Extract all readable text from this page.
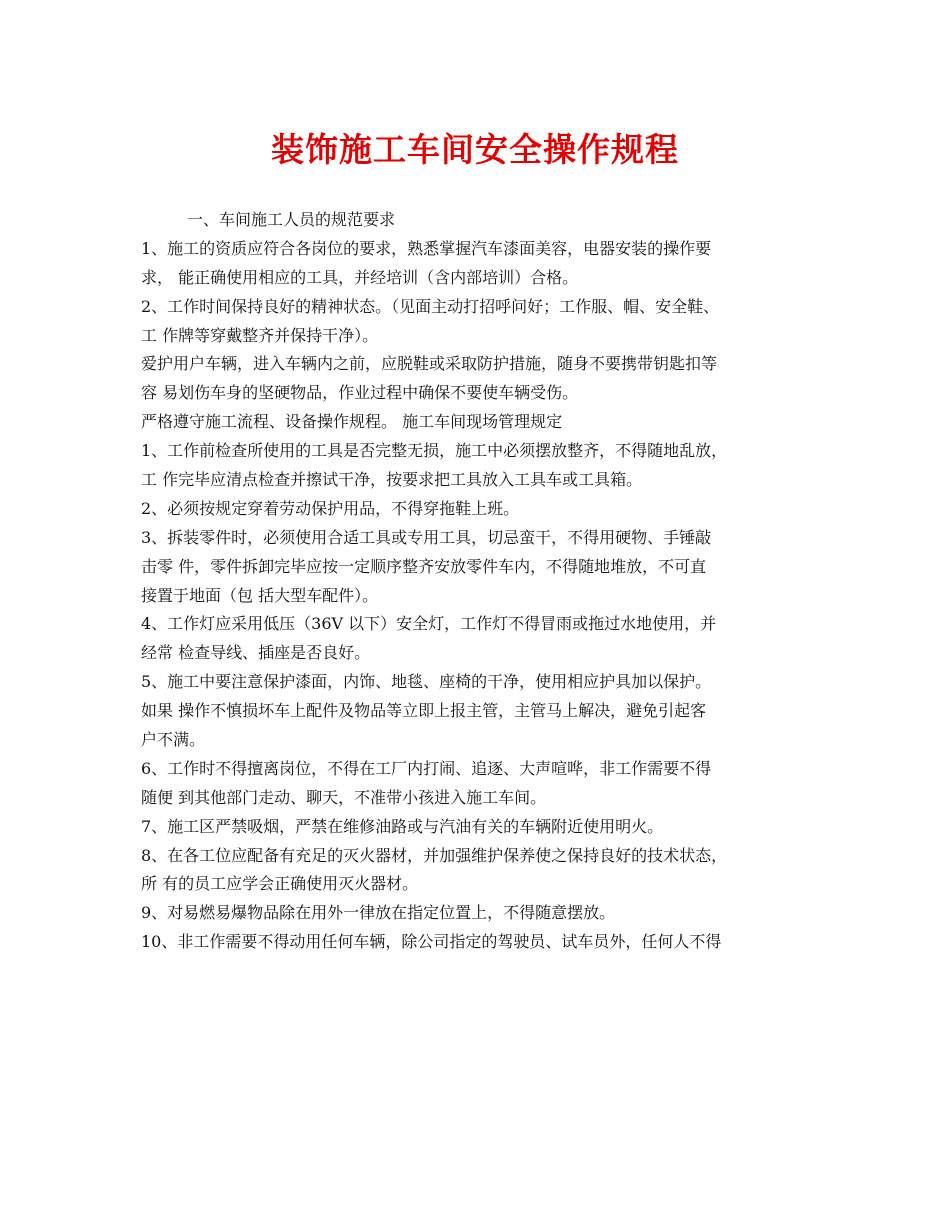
装饰施工车间安全操作规程
一、车间施工人员的规范要求
1、施工的资质应符合各岗位的要求，熟悉掌握汽车漆面美容，电器安装的操作要
求， 能正确使用相应的工具，并经培训（含内部培训）合格。
2、工作时间保持良好的精神状态。（见面主动打招呼问好；工作服、帽、安全鞋、
工 作牌等穿戴整齐并保持干净）。
爱护用户车辆，进入车辆内之前，应脱鞋或采取防护措施，随身不要携带钥匙扣等
容 易划伤车身的坚硬物品，作业过程中确保不要使车辆受伤。
严格遵守施工流程、设备操作规程。 施工车间现场管理规定
1、工作前检查所使用的工具是否完整无损，施工中必须摆放整齐，不得随地乱放，
工 作完毕应清点检查并擦试干净，按要求把工具放入工具车或工具箱。
2、必须按规定穿着劳动保护用品，不得穿拖鞋上班。
3、拆装零件时，必须使用合适工具或专用工具，切忌蛮干，不得用硬物、手锤敲
击零 件，零件拆卸完毕应按一定顺序整齐安放零件车内，不得随地堆放，不可直
接置于地面（包 括大型车配件）。
4、工作灯应采用低压（36V 以下）安全灯，工作灯不得冒雨或拖过水地使用，并
经常 检查导线、插座是否良好。
5、施工中要注意保护漆面，内饰、地毯、座椅的干净，使用相应护具加以保护。
如果 操作不慎损坏车上配件及物品等立即上报主管，主管马上解决，避免引起客
户不满。
6、工作时不得擅离岗位，不得在工厂内打闹、追逐、大声喧哗，非工作需要不得
随便 到其他部门走动、聊天，不准带小孩进入施工车间。
7、施工区严禁吸烟，严禁在维修油路或与汽油有关的车辆附近使用明火。
8、在各工位应配备有充足的灭火器材，并加强维护保养使之保持良好的技术状态，
所 有的员工应学会正确使用灭火器材。
9、对易燃易爆物品除在用外一律放在指定位置上，不得随意摆放。
10、非工作需要不得动用任何车辆，除公司指定的驾驶员、试车员外，任何人不得
